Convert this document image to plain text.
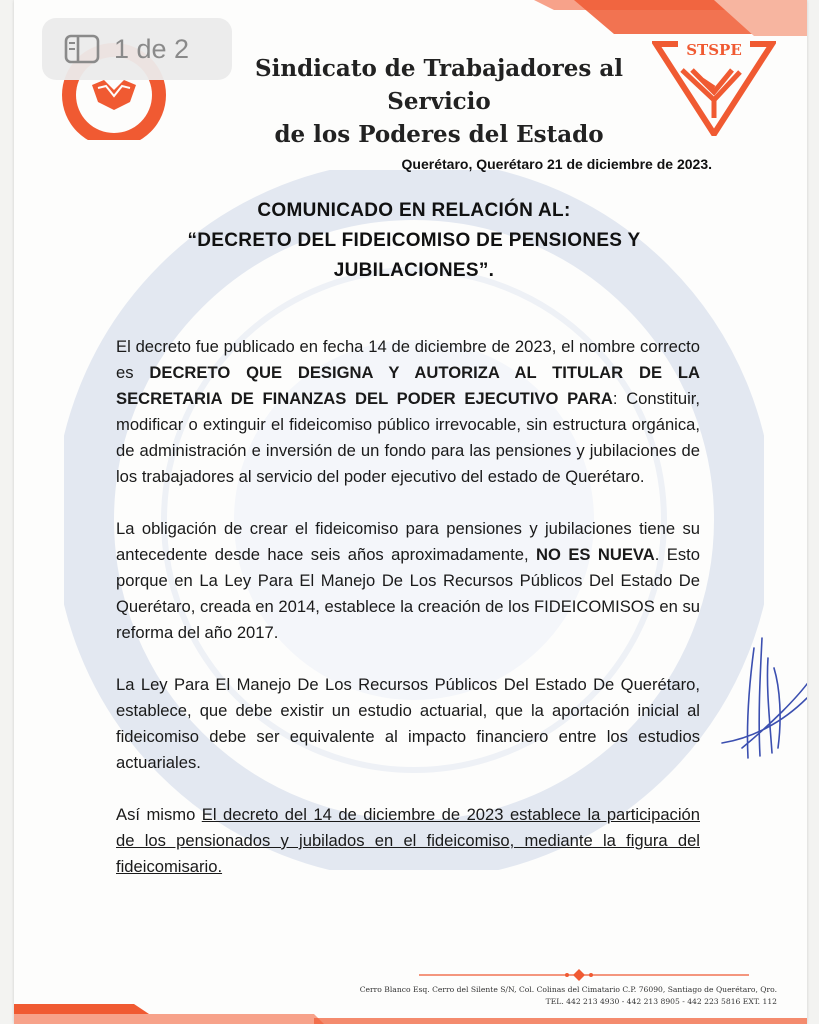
STSPE
Sindicato de Trabajadores al Servicio
de los Poderes del Estado
Querétaro, Querétaro 21 de diciembre de 2023.
COMUNICADO EN RELACIÓN AL:
“DECRETO DEL FIDEICOMISO DE PENSIONES Y
JUBILACIONES”.

El decreto fue publicado en fecha 14 de diciembre de 2023, el nombre correcto es DECRETO QUE DESIGNA Y AUTORIZA AL TITULAR DE LA SECRETARIA DE FINANZAS DEL PODER EJECUTIVO PARA: Constituir, modificar o extinguir el fideicomiso público irrevocable, sin estructura orgánica, de administración e inversión de un fondo para las pensiones y jubilaciones de los trabajadores al servicio del poder ejecutivo del estado de Querétaro.

La obligación de crear el fideicomiso para pensiones y jubilaciones tiene su antecedente desde hace seis años aproximadamente, NO ES NUEVA. Esto porque en La Ley Para El Manejo De Los Recursos Públicos Del Estado De Querétaro, creada en 2014, establece la creación de los FIDEICOMISOS en su reforma del año 2017.

La Ley Para El Manejo De Los Recursos Públicos Del Estado De Querétaro, establece, que debe existir un estudio actuarial, que la aportación inicial al fideicomiso debe ser equivalente al impacto financiero entre los estudios actuariales.

Así mismo El decreto del 14 de diciembre de 2023 establece la participación de los pensionados y jubilados en el fideicomiso, mediante la figura del fideicomisario.

Cerro Blanco Esq. Cerro del Silente S/N, Col. Colinas del Cimatario C.P. 76090, Santiago de Querétaro, Qro.
TEL. 442 213 4930 - 442 213 8905 - 442 223 5816 EXT. 112
1 de 2
